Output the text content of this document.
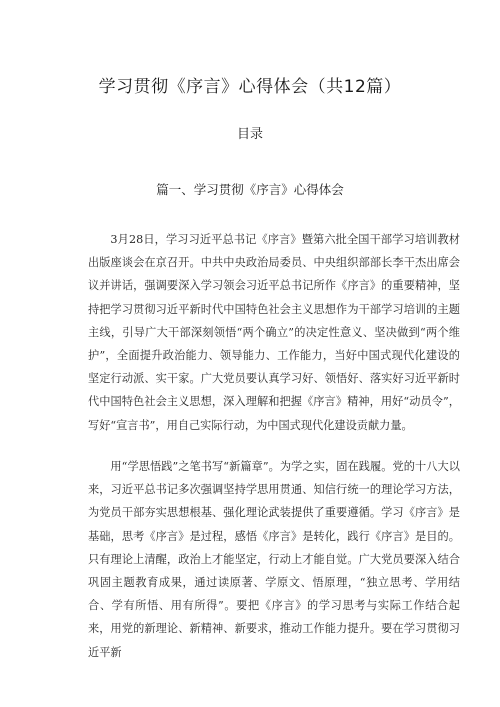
学习贯彻《序言》心得体会（共12篇）
目录
篇一、学习贯彻《序言》心得体会

3月28日，学习习近平总书记《序言》暨第六批全国干部学习培训教材出版座谈会在京召开。中共中央政治局委员、中央组织部部长李干杰出席会议并讲话，强调要深入学习领会习近平总书记所作《序言》的重要精神，坚持把学习贯彻习近平新时代中国特色社会主义思想作为干部学习培训的主题主线，引导广大干部深刻领悟“两个确立”的决定性意义、坚决做到“两个维护”，全面提升政治能力、领导能力、工作能力，当好中国式现代化建设的坚定行动派、实干家。广大党员要认真学习好、领悟好、落实好习近平新时代中国特色社会主义思想，深入理解和把握《序言》精神，用好“动员令”，写好“宣言书”，用自己实际行动，为中国式现代化建设贡献力量。

用“学思悟践”之笔书写“新篇章”。为学之实，固在践履。党的十八大以来，习近平总书记多次强调坚持学思用贯通、知信行统一的理论学习方法，为党员干部夯实思想根基、强化理论武装提供了重要遵循。学习《序言》是基础，思考《序言》是过程，感悟《序言》是转化，践行《序言》是目的。只有理论上清醒，政治上才能坚定，行动上才能自觉。广大党员要深入结合巩固主题教育成果，通过读原著、学原文、悟原理，“独立思考、学用结合、学有所悟、用有所得”。要把《序言》的学习思考与实际工作结合起来，用党的新理论、新精神、新要求，推动工作能力提升。要在学习贯彻习近平新
